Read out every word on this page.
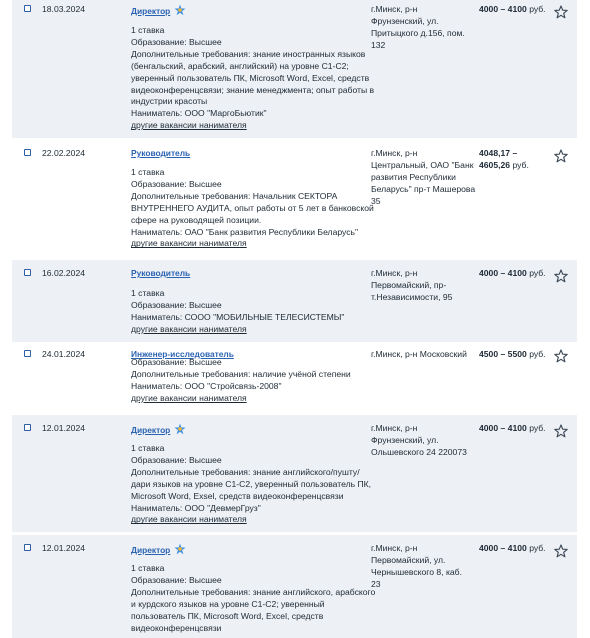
18.03.2024	Директор
1 ставка
Образование: Высшее
Дополнительные требования: знание иностранных языков
(бенгальский, арабский, английский) на уровне С1-С2;
уверенный пользователь ПК, Microsoft Word, Excel, средств
видеоконференцсвязи; знание менеджмента; опыт работы в
индустрии красоты
Наниматель: ООО "МаргоБьютик"
другие вакансии нанимателя
г.Минск, р-н
Фрунзенский, ул.
Притыцкого д.156, пом.
132
4000 – 4100 руб.
22.02.2024	Руководитель
1 ставка
Образование: Высшее
Дополнительные требования: Начальник СЕКТОРА
ВНУТРЕННЕГО АУДИТА, опыт работы от 5 лет в банковской
сфере на руководящей позиции.
Наниматель: ОАО "Банк развития Республики Беларусь"
другие вакансии нанимателя
г.Минск, р-н
Центральный, ОАО "Банк
развития Республики
Беларусь" пр-т Машерова
35
4048,17 –
4605,26 руб.
16.02.2024	Руководитель
1 ставка
Образование: Высшее
Наниматель: СООО "МОБИЛЬНЫЕ ТЕЛЕСИСТЕМЫ"
другие вакансии нанимателя
г.Минск, р-н
Первомайский, пр-
т.Независимости, 95
4000 – 4100 руб.
24.01.2024	Инженер-исследователь	г.Минск, р-н Московский	4500 – 5500 руб.
Образование: Высшее
Дополнительные требования: наличие учёной степени
Наниматель: ООО "Стройсвязь-2008"
другие вакансии нанимателя
12.01.2024	Директор
1 ставка
Образование: Высшее
Дополнительные требования: знание английского/пушту/
дари языков на уровне С1-С2, уверенный пользователь ПК,
Microsoft Word, Exsel, средств видеоконференцсвязи
Наниматель: ООО "ДевмерГруз"
другие вакансии нанимателя
г.Минск, р-н
Фрунзенский, ул.
Ольшевского 24 220073
4000 – 4100 руб.
12.01.2024	Директор
1 ставка
Образование: Высшее
Дополнительные требования: знание английского, арабского
и курдского языков на уровне С1-С2; уверенный
пользователь ПК, Microsoft Word, Excel, средств
видеоконференцсвязи
г.Минск, р-н
Первомайский, ул.
Чернышевского 8, каб.
23
4000 – 4100 руб.
